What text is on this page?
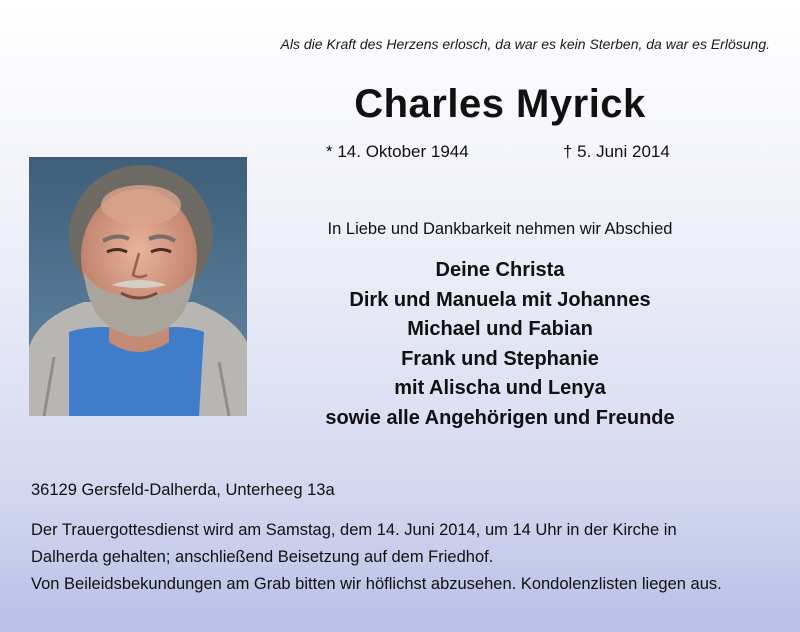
Als die Kraft des Herzens erlosch, da war es kein Sterben, da war es Erlösung.
Charles Myrick
* 14. Oktober 1944	† 5. Juni 2014
In Liebe und Dankbarkeit nehmen wir Abschied
Deine Christa
Dirk und Manuela mit Johannes
Michael und Fabian
Frank und Stephanie
mit Alischa und Lenya
sowie alle Angehörigen und Freunde
36129 Gersfeld-Dalherda, Unterheeg 13a
Der Trauergottesdienst wird am Samstag, dem 14. Juni 2014, um 14 Uhr in der Kirche in
Dalherda gehalten; anschließend Beisetzung auf dem Friedhof.
Von Beileidsbekundungen am Grab bitten wir höflichst abzusehen. Kondolenzlisten liegen aus.
